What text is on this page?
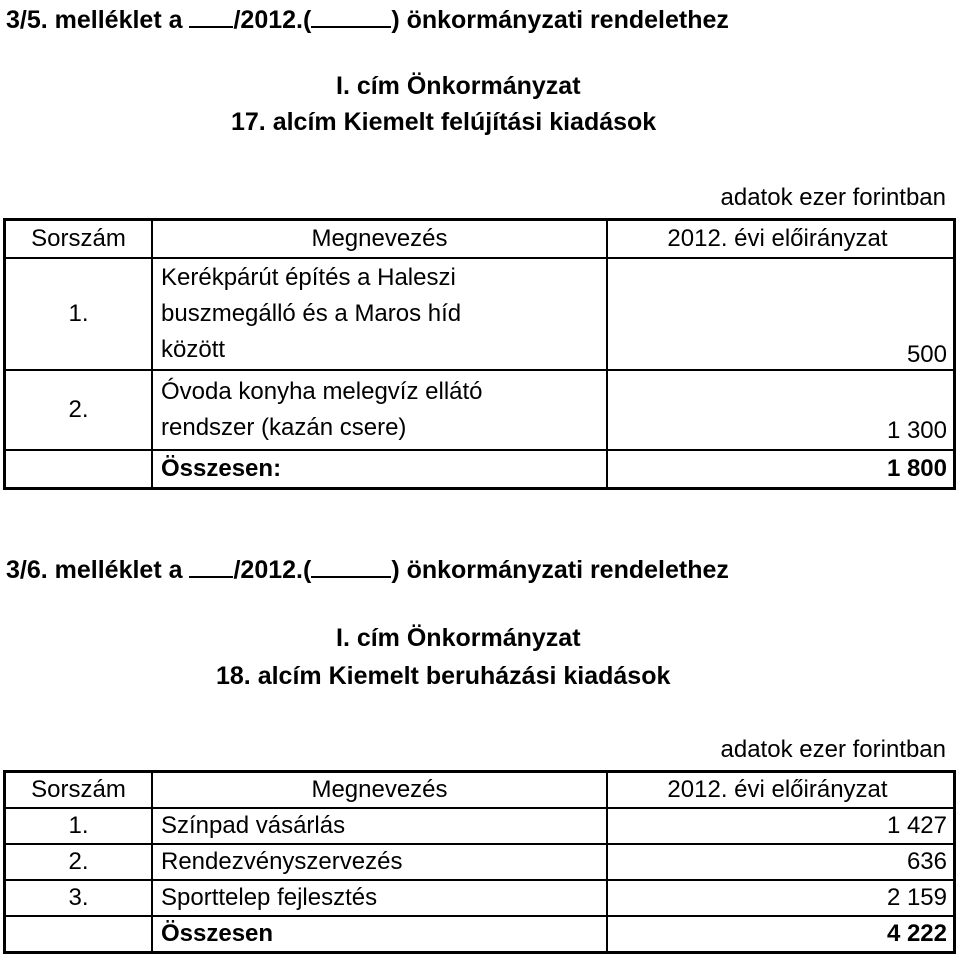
3/5. melléklet a /2012.(	) önkormányzati rendelethez
I. cím Önkormányzat
17. alcím Kiemelt felújítási kiadások
adatok ezer forintban
Sorszám	Megnevezés	2012. évi előirányzat
1.	Kerékpárút építés a Haleszi
buszmegálló és a Maros híd
között	500
2.	Óvoda konyha melegvíz ellátó
rendszer (kazán csere)	1 300
	Összesen:	1 800
3/6. melléklet a /2012.(	) önkormányzati rendelethez
I. cím Önkormányzat
18. alcím Kiemelt beruházási kiadások
adatok ezer forintban
Sorszám	Megnevezés	2012. évi előirányzat
1.	Színpad vásárlás	1 427
2.	Rendezvényszervezés	636
3.	Sporttelep fejlesztés	2 159
	Összesen	4 222
